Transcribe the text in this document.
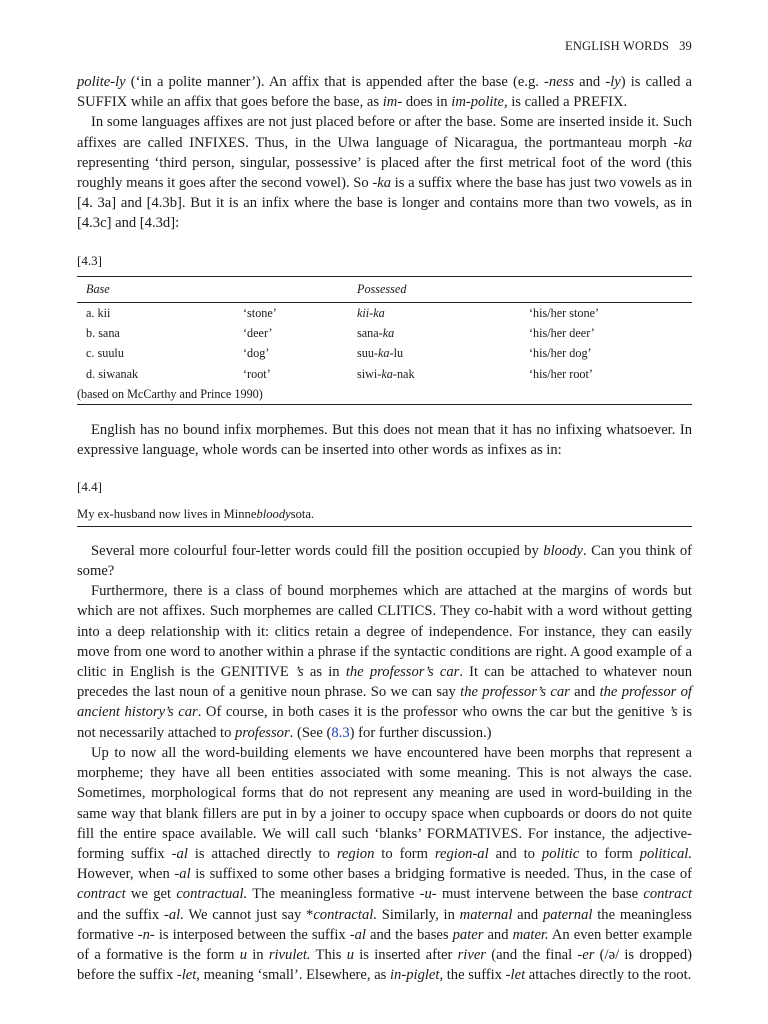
ENGLISH WORDS 39

polite-ly (‘in a polite manner’). An affix that is appended after the base (e.g. -ness and -ly) is called a SUFFIX while an affix that goes before the base, as im- does in im-polite, is called a PREFIX.

In some languages affixes are not just placed before or after the base. Some are inserted inside it. Such affixes are called INFIXES. Thus, in the Ulwa language of Nicaragua, the portmanteau morph -ka representing ‘third person, singular, possessive’ is placed after the first metrical foot of the word (this roughly means it goes after the second vowel). So -ka is a suffix where the base has just two vowels as in [4. 3a] and [4.3b]. But it is an infix where the base is longer and contains more than two vowels, as in [4.3c] and [4.3d]:

[4.3]

Base		Possessed	
a. kii	‘stone’	kii-ka	‘his/her stone’
b. sana	‘deer’	sana-ka	‘his/her deer’
c. suulu	‘dog’	suu-ka-lu	‘his/her dog’
d. siwanak	‘root’	siwi-ka-nak	‘his/her root’
(based on McCarthy and Prince 1990)			

English has no bound infix morphemes. But this does not mean that it has no infixing whatsoever. In expressive language, whole words can be inserted into other words as infixes as in:

[4.4]

My ex-husband now lives in Minnebloodysota.

Several more colourful four-letter words could fill the position occupied by bloody. Can you think of some?

Furthermore, there is a class of bound morphemes which are attached at the margins of words but which are not affixes. Such morphemes are called CLITICS. They co-habit with a word without getting into a deep relationship with it: clitics retain a degree of independence. For instance, they can easily move from one word to another within a phrase if the syntactic conditions are right. A good example of a clitic in English is the GENITIVE ’s as in the professor’s car. It can be attached to whatever noun precedes the last noun of a genitive noun phrase. So we can say the professor’s car and the professor of ancient history’s car. Of course, in both cases it is the professor who owns the car but the genitive ’s is not necessarily attached to professor. (See (8.3) for further discussion.)

Up to now all the word-building elements we have encountered have been morphs that represent a morpheme; they have all been entities associated with some meaning. This is not always the case. Sometimes, morphological forms that do not represent any meaning are used in word-building in the same way that blank fillers are put in by a joiner to occupy space when cupboards or doors do not quite fill the entire space available. We will call such ‘blanks’ FORMATIVES. For instance, the adjective-forming suffix -al is attached directly to region to form region-al and to politic to form political. However, when -al is suffixed to some other bases a bridging formative is needed. Thus, in the case of contract we get contractual. The meaningless formative -u- must intervene between the base contract and the suffix -al. We cannot just say *contractal. Similarly, in maternal and paternal the meaningless formative -n- is interposed between the suffix -al and the bases pater and mater. An even better example of a formative is the form u in rivulet. This u is inserted after river (and the final -er (/ə/ is dropped) before the suffix -let, meaning ‘small’. Elsewhere, as in-piglet, the suffix -let attaches directly to the root.
